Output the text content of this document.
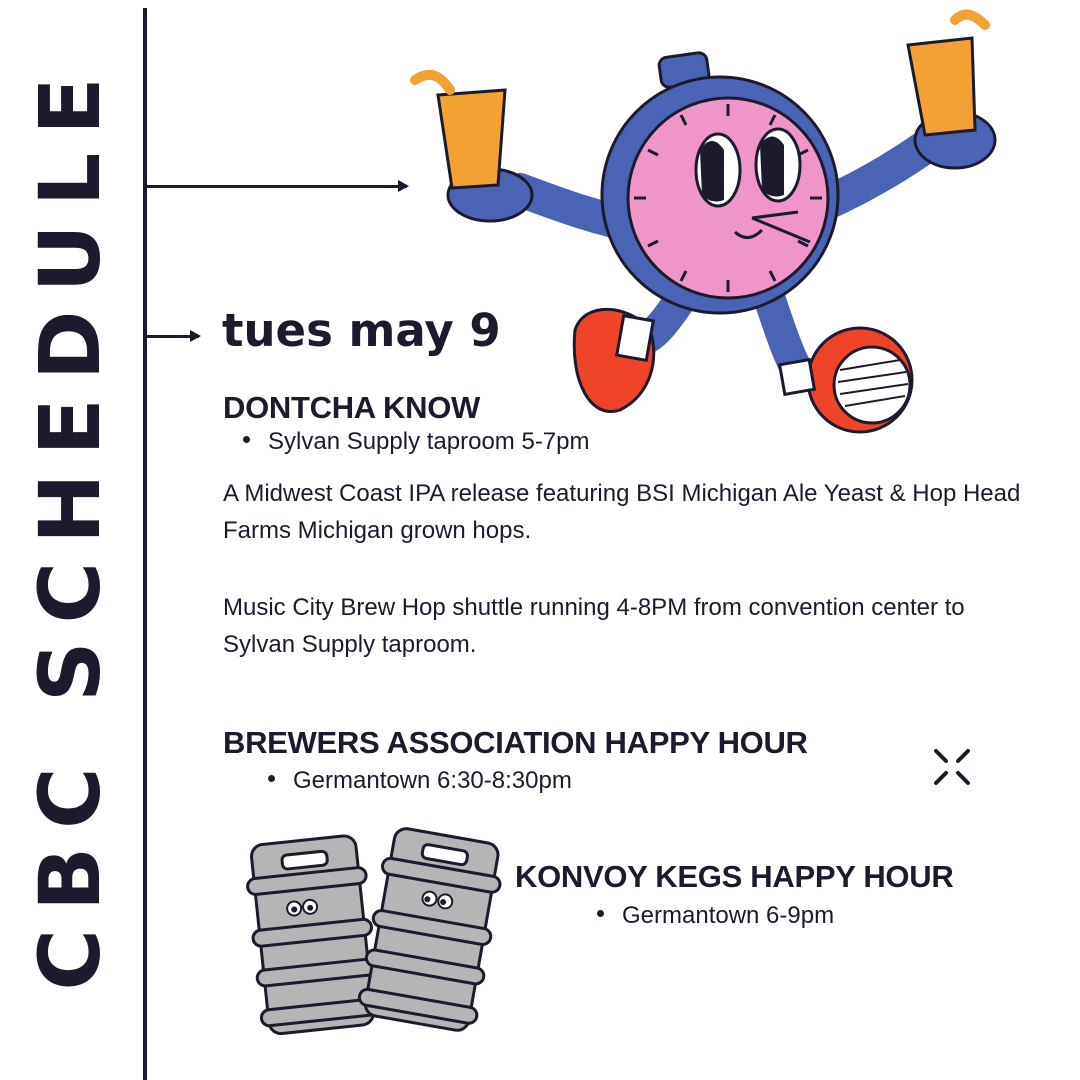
CBC SCHEDULE tues may 9
DONTCHA KNOW
Sylvan Supply taproom 5-7pm
A Midwest Coast IPA release featuring BSI Michigan Ale Yeast & Hop Head Farms Michigan grown hops.
Music City Brew Hop shuttle running 4-8PM from convention center to Sylvan Supply taproom.
BREWERS ASSOCIATION HAPPY HOUR
Germantown 6:30-8:30pm
KONVOY KEGS HAPPY HOUR
Germantown 6-9pm
